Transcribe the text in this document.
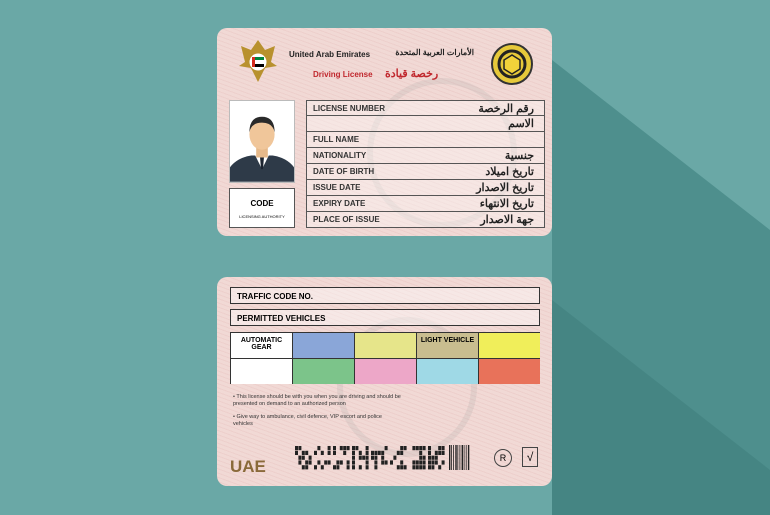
United Arab Emirates	الأمارات العربية المتحدة
Driving License رخصة قيادة
CODE
LICENSING AUTHORITY
LICENSE NUMBER	رقم الرخصة
الاسم
FULL NAME
NATIONALITY	جنسية
DATE OF BIRTH	تاريخ اميلاد
ISSUE DATE	تاريخ الاصدار
EXPIRY DATE	تاريخ الانتهاء
PLACE OF ISSUE	جهة الاصدار
TRAFFIC CODE NO.
PERMITTED VEHICLES
AUTOMATIC GEAR
LIGHT VEHICLE
• This license should be with you when you are driving and should be presented on demand to an authorized person
• Give way to ambulance, civil defence, VIP escort and police vehicles
UAE	R	√
